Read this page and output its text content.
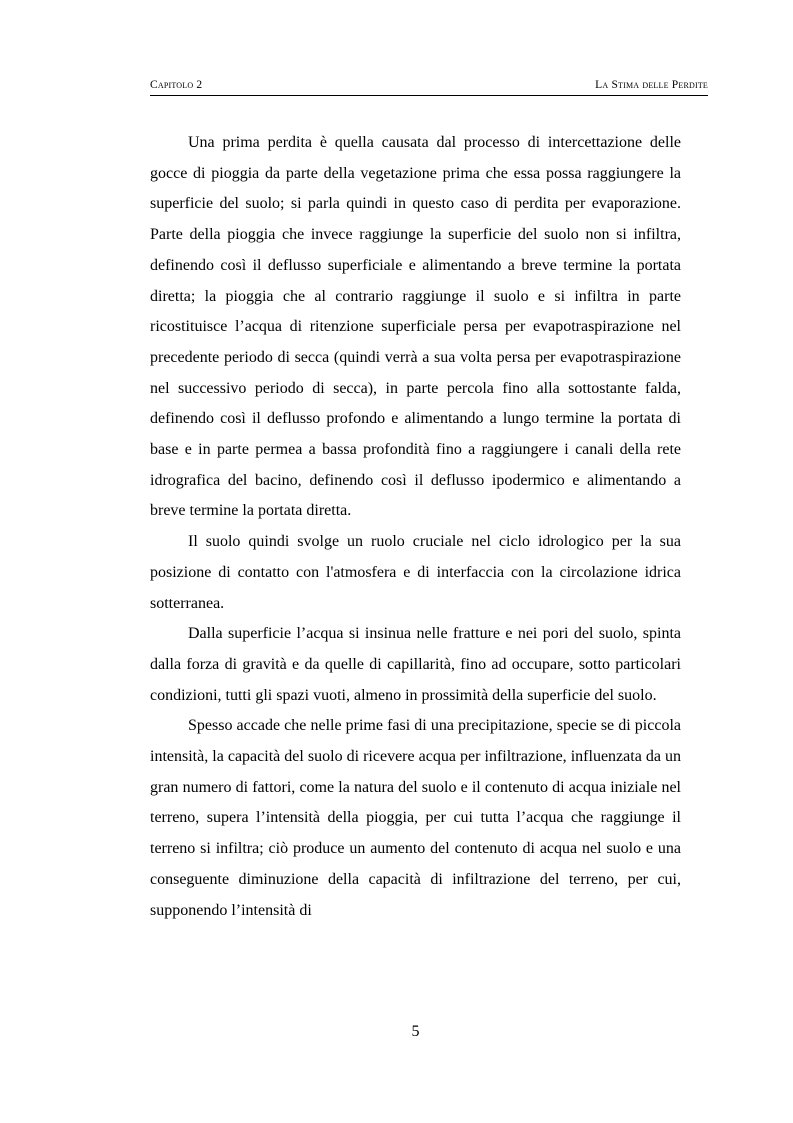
Capitolo 2	La Stima delle Perdite

Una prima perdita è quella causata dal processo di intercettazione delle gocce di pioggia da parte della vegetazione prima che essa possa raggiungere la superficie del suolo; si parla quindi in questo caso di perdita per evaporazione. Parte della pioggia che invece raggiunge la superficie del suolo non si infiltra, definendo così il deflusso superficiale e alimentando a breve termine la portata diretta; la pioggia che al contrario raggiunge il suolo e si infiltra in parte ricostituisce l’acqua di ritenzione superficiale persa per evapotraspirazione nel precedente periodo di secca (quindi verrà a sua volta persa per evapotraspirazione nel successivo periodo di secca), in parte percola fino alla sottostante falda, definendo così il deflusso profondo e alimentando a lungo termine la portata di base e in parte permea a bassa profondità fino a raggiungere i canali della rete idrografica del bacino, definendo così il deflusso ipodermico e alimentando a breve termine la portata diretta.

Il suolo quindi svolge un ruolo cruciale nel ciclo idrologico per la sua posizione di contatto con l'atmosfera e di interfaccia con la circolazione idrica sotterranea.

Dalla superficie l’acqua si insinua nelle fratture e nei pori del suolo, spinta dalla forza di gravità e da quelle di capillarità, fino ad occupare, sotto particolari condizioni, tutti gli spazi vuoti, almeno in prossimità della superficie del suolo.

Spesso accade che nelle prime fasi di una precipitazione, specie se di piccola intensità, la capacità del suolo di ricevere acqua per infiltrazione, influenzata da un gran numero di fattori, come la natura del suolo e il contenuto di acqua iniziale nel terreno, supera l’intensità della pioggia, per cui tutta l’acqua che raggiunge il terreno si infiltra; ciò produce un aumento del contenuto di acqua nel suolo e una conseguente diminuzione della capacità di infiltrazione del terreno, per cui, supponendo l’intensità di

5
